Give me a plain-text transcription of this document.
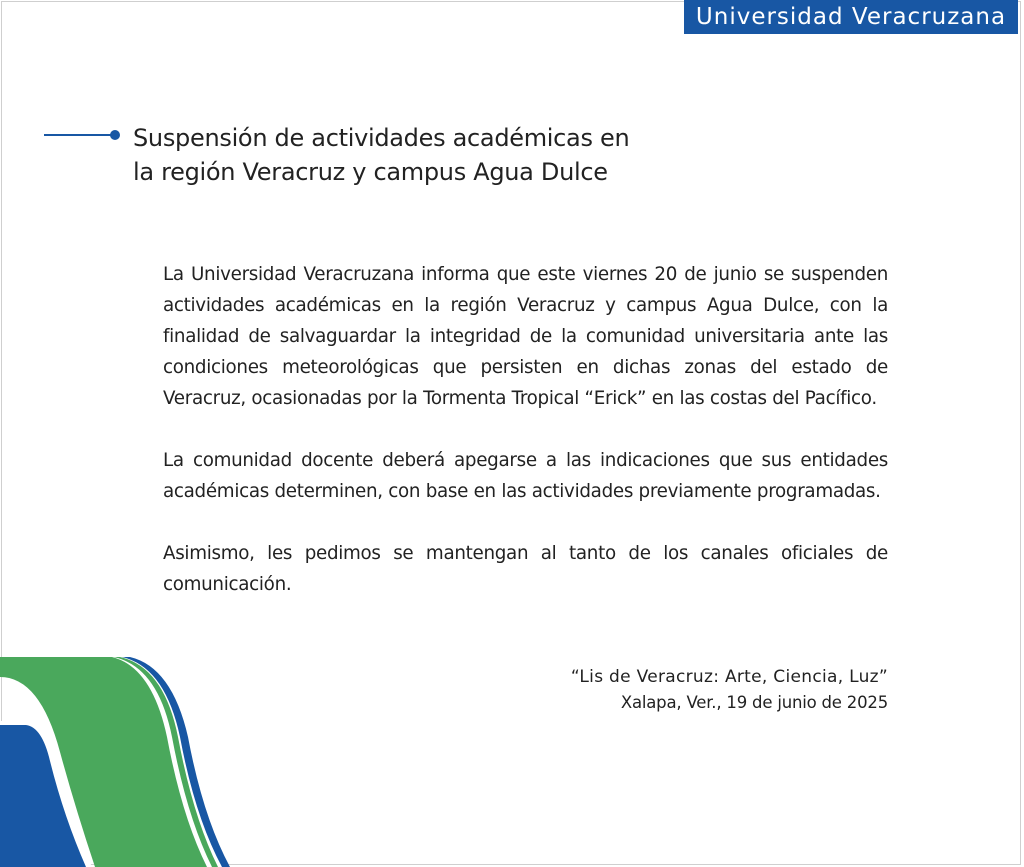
Universidad Veracruzana
Suspensión de actividades académicas en
la región Veracruz y campus Agua Dulce

La Universidad Veracruzana informa que este viernes 20 de junio se suspenden actividades académicas en la región Veracruz y campus Agua Dulce, con la finalidad de salvaguardar la integridad de la comunidad universitaria ante las condiciones meteorológicas que persisten en dichas zonas del estado de Veracruz, ocasionadas por la Tormenta Tropical “Erick” en las costas del Pacífico.

La comunidad docente deberá apegarse a las indicaciones que sus entidades académicas determinen, con base en las actividades previamente programadas.

Asimismo, les pedimos se mantengan al tanto de los canales oficiales de comunicación.

“Lis de Veracruz: Arte, Ciencia, Luz”
Xalapa, Ver., 19 de junio de 2025
